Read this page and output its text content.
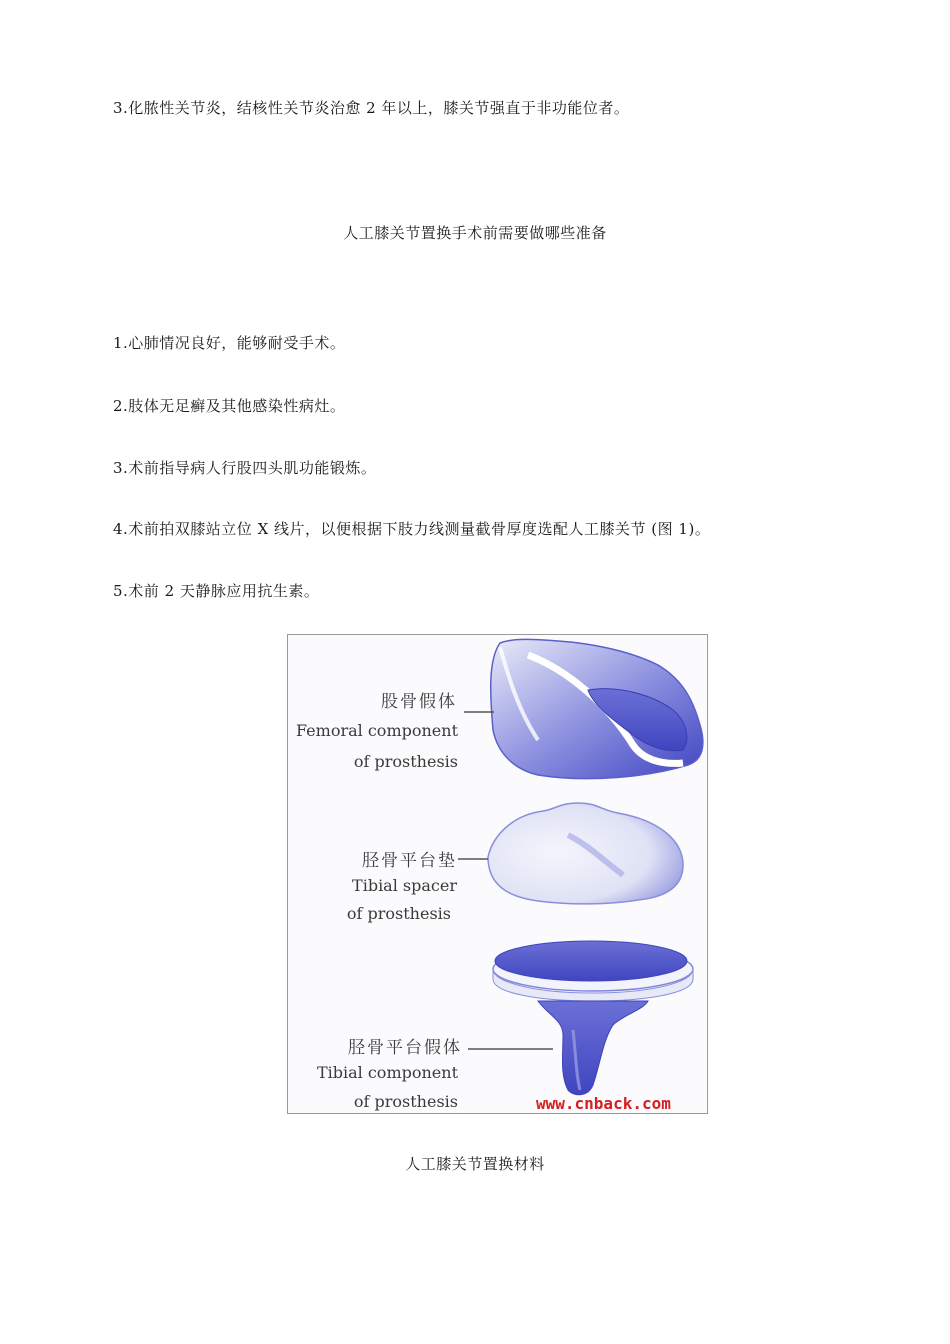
3.化脓性关节炎，结核性关节炎治愈 2 年以上，膝关节强直于非功能位者。

人工膝关节置换手术前需要做哪些准备

1.心肺情况良好，能够耐受手术。

2.肢体无足癣及其他感染性病灶。

3.术前指导病人行股四头肌功能锻炼。

4.术前拍双膝站立位 X 线片，以便根据下肢力线测量截骨厚度选配人工膝关节 (图 1)。

5.术前 2 天静脉应用抗生素。

股骨假体
Femoral component
of prosthesis
胫骨平台垫
Tibial spacer
of prosthesis
胫骨平台假体
Tibial component
of prosthesis	www.cnback.com

人工膝关节置换材料
